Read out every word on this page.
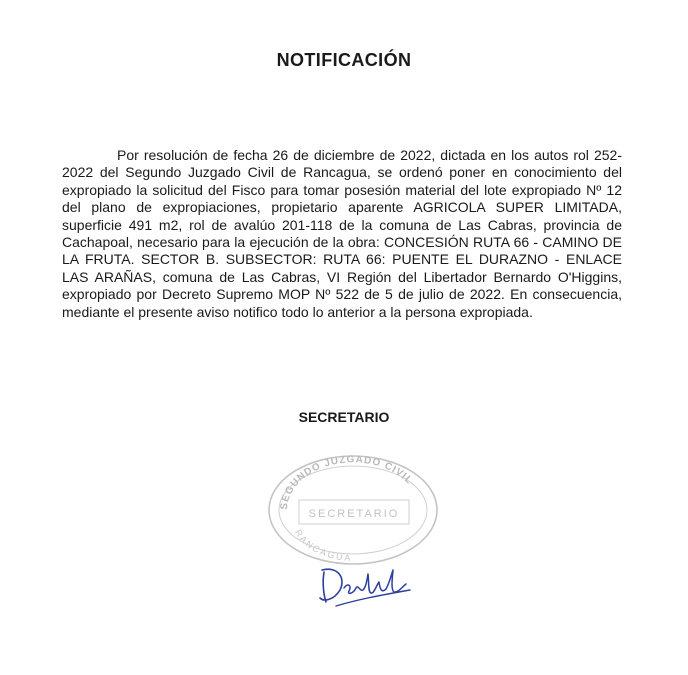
NOTIFICACIÓN

Por resolución de fecha 26 de diciembre de 2022, dictada en los autos rol 252-2022 del Segundo Juzgado Civil de Rancagua, se ordenó poner en conocimiento del expropiado la solicitud del Fisco para tomar posesión material del lote expropiado Nº 12 del plano de expropiaciones, propietario aparente AGRICOLA SUPER LIMITADA, superficie 491 m2, rol de avalúo 201-118 de la comuna de Las Cabras, provincia de Cachapoal, necesario para la ejecución de la obra: CONCESIÓN RUTA 66 - CAMINO DE LA FRUTA. SECTOR B. SUBSECTOR: RUTA 66: PUENTE EL DURAZNO - ENLACE LAS ARAÑAS, comuna de Las Cabras, VI Región del Libertador Bernardo O'Higgins, expropiado por Decreto Supremo MOP Nº 522 de 5 de julio de 2022. En consecuencia, mediante el presente aviso notifico todo lo anterior a la persona expropiada.

SECRETARIO
SEGUNDO JUZGADO CIVIL
SECRETARIO
RANCAGUA
